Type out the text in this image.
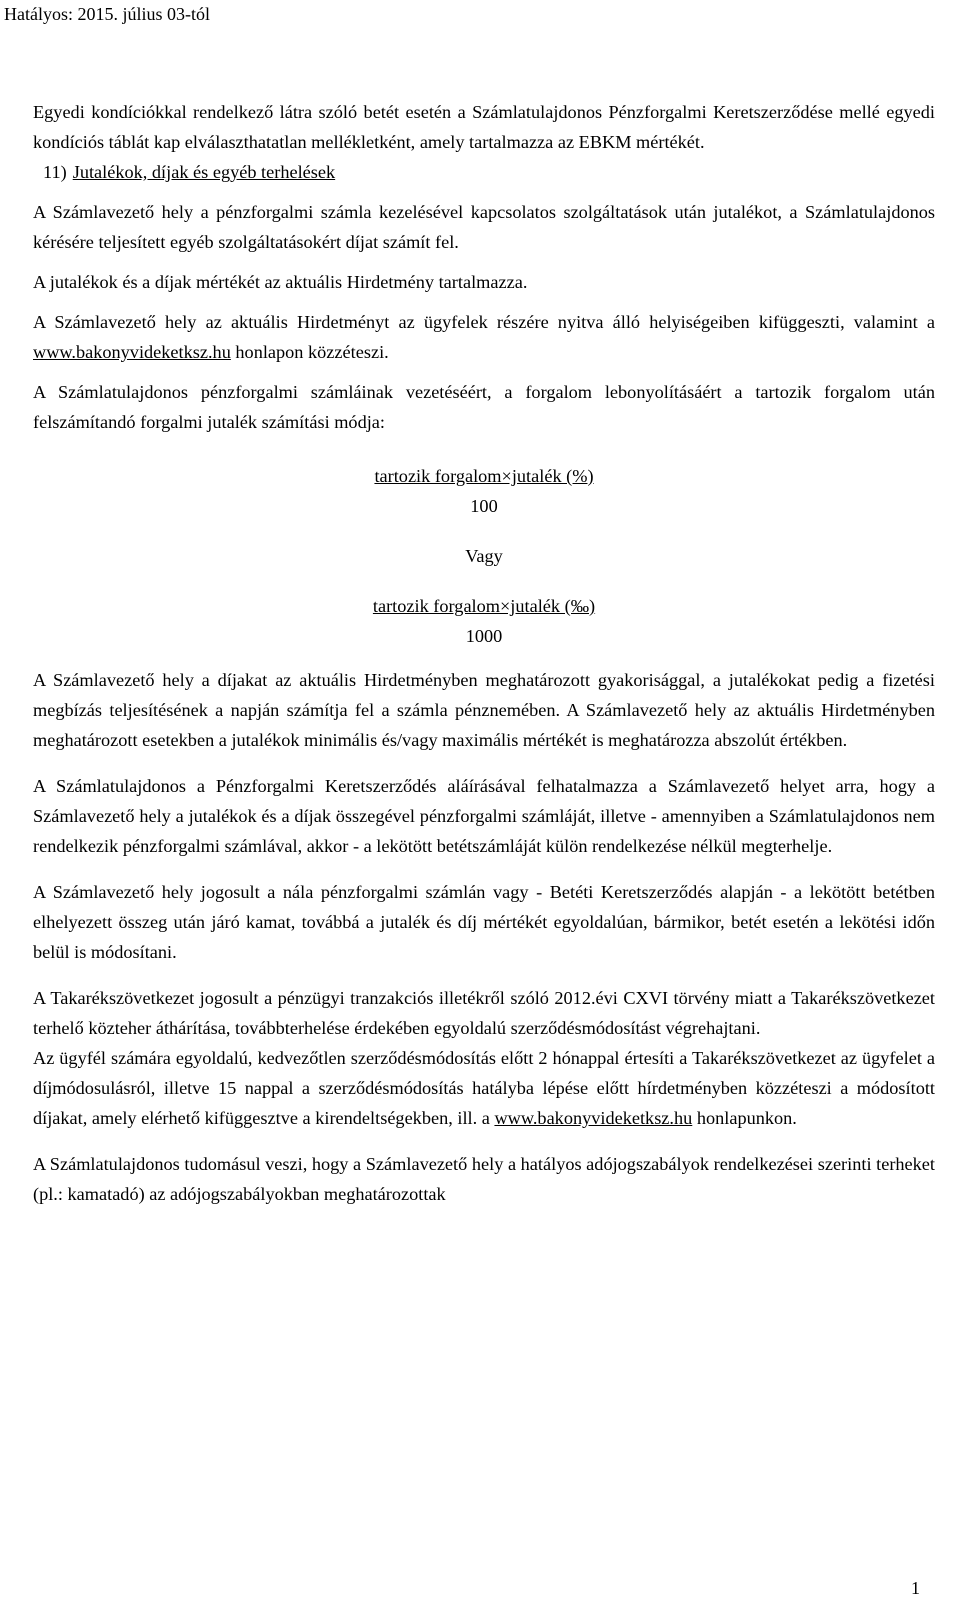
Hatályos: 2015. július 03-tól

Egyedi kondíciókkal rendelkező látra szóló betét esetén a Számlatulajdonos Pénzforgalmi Keretszerződése mellé egyedi kondíciós táblát kap elválaszthatatlan mellékletként, amely tartalmazza az EBKM mértékét.

11) Jutalékok, díjak és egyéb terhelések

A Számlavezető hely a pénzforgalmi számla kezelésével kapcsolatos szolgáltatások után jutalékot, a Számlatulajdonos kérésére teljesített egyéb szolgáltatásokért díjat számít fel.

A jutalékok és a díjak mértékét az aktuális Hirdetmény tartalmazza.

A Számlavezető hely az aktuális Hirdetményt az ügyfelek részére nyitva álló helyiségeiben kifüggeszti, valamint a www.bakonyvideketksz.hu honlapon közzéteszi.

A Számlatulajdonos pénzforgalmi számláinak vezetéséért, a forgalom lebonyolításáért a tartozik forgalom után felszámítandó forgalmi jutalék számítási módja:

tartozik forgalom×jutalék (%)
100

Vagy

tartozik forgalom×jutalék (‰)
1000

A Számlavezető hely a díjakat az aktuális Hirdetményben meghatározott gyakorisággal, a jutalékokat pedig a fizetési megbízás teljesítésének a napján számítja fel a számla pénznemében. A Számlavezető hely az aktuális Hirdetményben meghatározott esetekben a jutalékok minimális és/vagy maximális mértékét is meghatározza abszolút értékben.

A Számlatulajdonos a Pénzforgalmi Keretszerződés aláírásával felhatalmazza a Számlavezető helyet arra, hogy a Számlavezető hely a jutalékok és a díjak összegével pénzforgalmi számláját, illetve - amennyiben a Számlatulajdonos nem rendelkezik pénzforgalmi számlával, akkor - a lekötött betétszámláját külön rendelkezése nélkül megterhelje.

A Számlavezető hely jogosult a nála pénzforgalmi számlán vagy - Betéti Keretszerződés alapján - a lekötött betétben elhelyezett összeg után járó kamat, továbbá a jutalék és díj mértékét egyoldalúan, bármikor, betét esetén a lekötési időn belül is módosítani.

A Takarékszövetkezet jogosult a pénzügyi tranzakciós illetékről szóló 2012.évi CXVI törvény miatt a Takarékszövetkezet terhelő közteher áthárítása, továbbterhelése érdekében egyoldalú szerződésmódosítást végrehajtani.

Az ügyfél számára egyoldalú, kedvezőtlen szerződésmódosítás előtt 2 hónappal értesíti a Takarékszövetkezet az ügyfelet a díjmódosulásról, illetve 15 nappal a szerződésmódosítás hatályba lépése előtt hírdetményben közzéteszi a módosított díjakat, amely elérhető kifüggesztve a kirendeltségekben, ill. a www.bakonyvideketksz.hu honlapunkon.

A Számlatulajdonos tudomásul veszi, hogy a Számlavezető hely a hatályos adójogszabályok rendelkezései szerinti terheket (pl.: kamatadó) az adójogszabályokban meghatározottak

1
